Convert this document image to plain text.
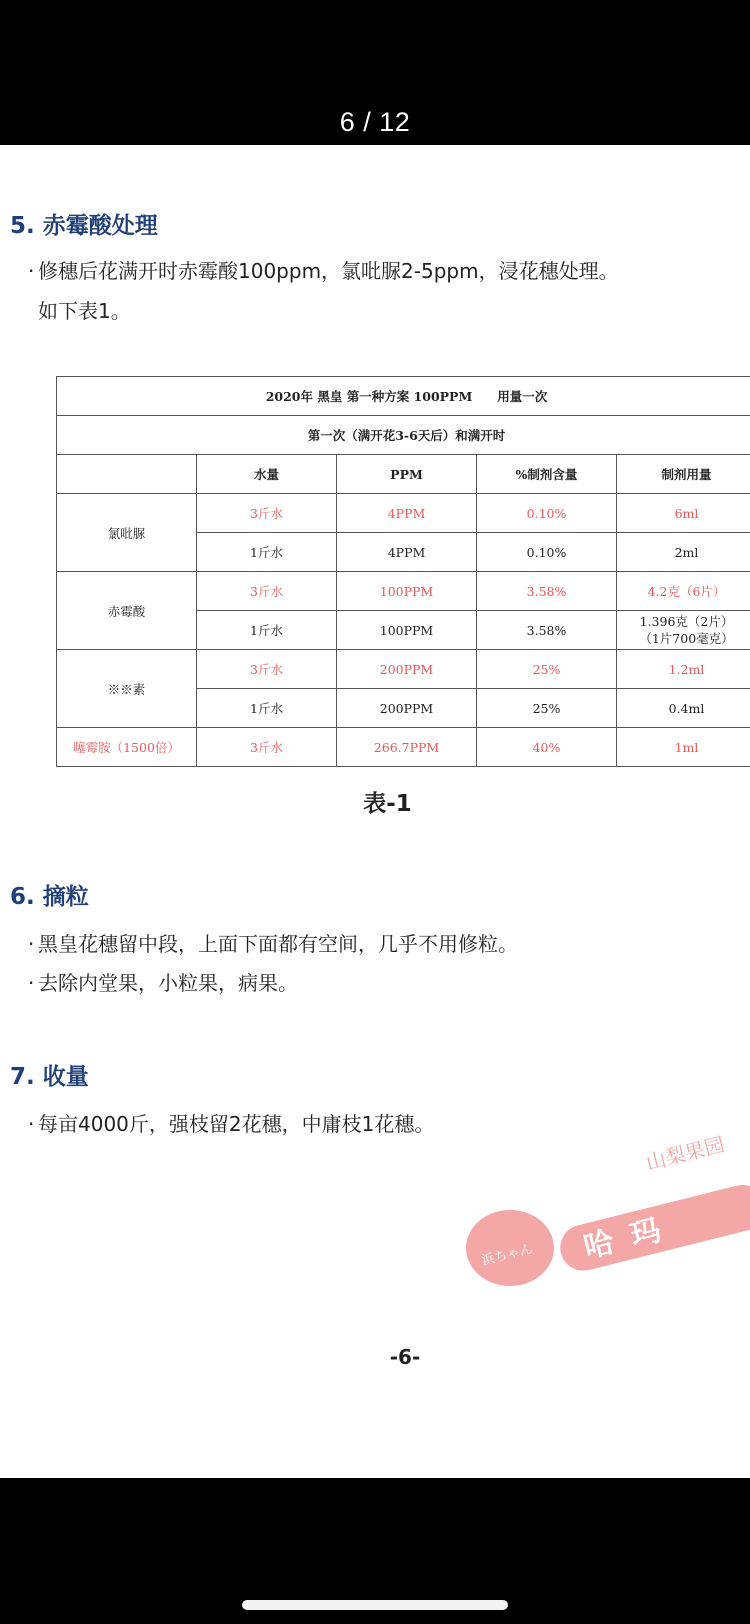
6 / 12
5. 赤霉酸处理
· 修穗后花满开时赤霉酸100ppm，氯吡脲2-5ppm，浸花穗处理。
如下表1。
2020年 黑皇 第一种方案 100PPM　　用量一次				
第一次（满开花3-6天后）和满开时				
	水量	PPM	%制剂含量	制剂用量
氯吡脲	3斤水	4PPM	0.10%	6ml
	1斤水	4PPM	0.10%	2ml
赤霉酸	3斤水	100PPM	3.58%	4.2克（6片）
	1斤水	100PPM	3.58%	1.396克（2片）
（1片700毫克）

※※素	3斤水	200PPM	25%	1.2ml
	1斤水	200PPM	25%	0.4ml
噻霉胺（1500倍）	3斤水	266.7PPM	40%	1ml
表-1
6. 摘粒
· 黑皇花穗留中段，上面下面都有空间，几乎不用修粒。
· 去除内堂果，小粒果，病果。
7. 收量
· 每亩4000斤，强枝留2花穗，中庸枝1花穗。
山梨果园
浜ちゃん 哈玛
-6-
